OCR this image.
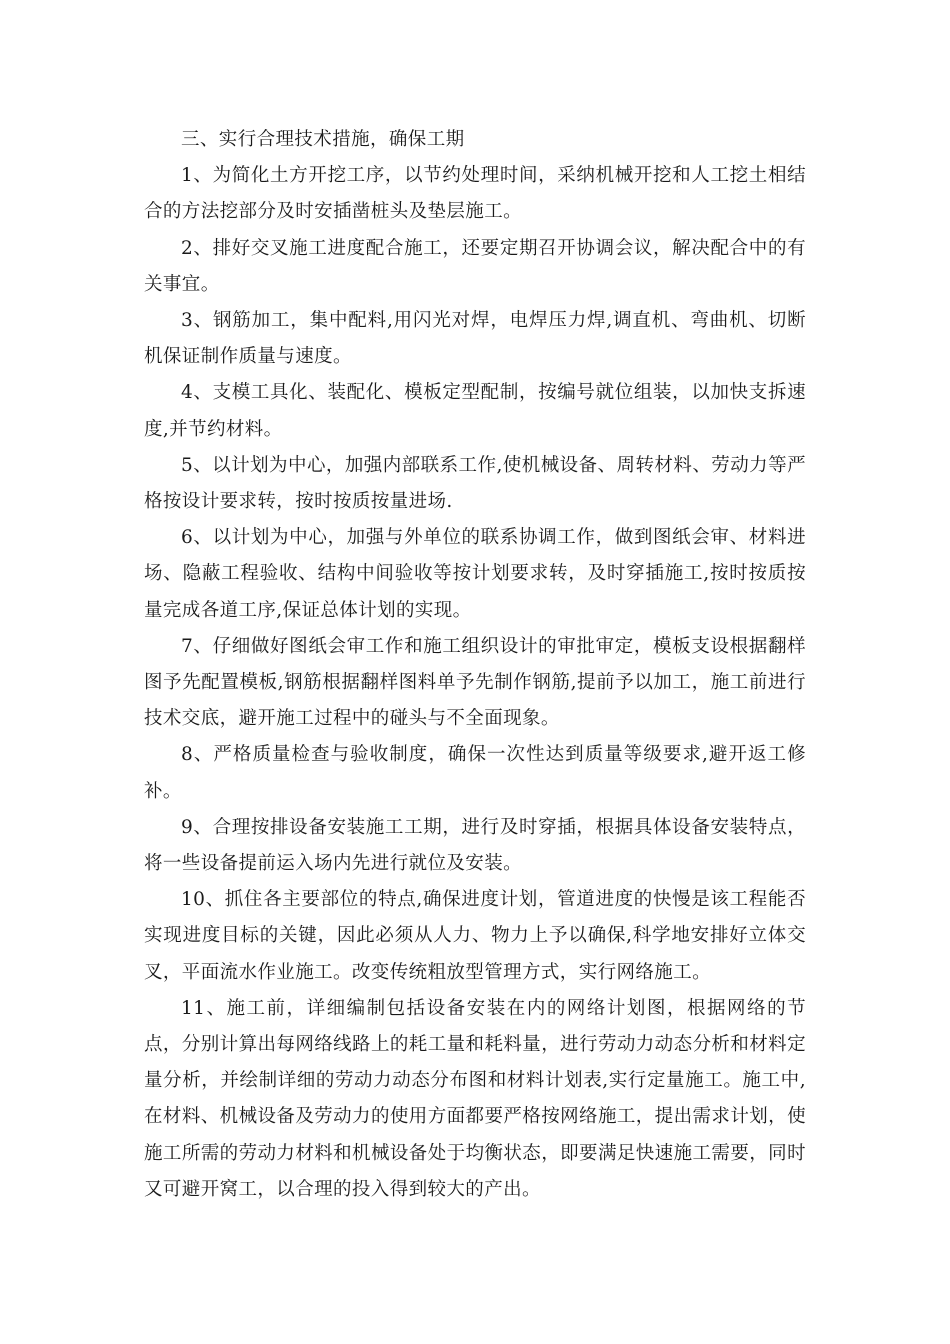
三、实行合理技术措施，确保工期

1、为简化土方开挖工序，以节约处理时间，采纳机械开挖和人工挖土相结合的方法挖部分及时安插凿桩头及垫层施工。

2、排好交叉施工进度配合施工，还要定期召开协调会议，解决配合中的有关事宜。

3、钢筋加工，集中配料,用闪光对焊，电焊压力焊,调直机、弯曲机、切断机保证制作质量与速度。

4、支模工具化、装配化、模板定型配制，按编号就位组装，以加快支拆速度,并节约材料。

5、以计划为中心，加强内部联系工作,使机械设备、周转材料、劳动力等严格按设计要求转，按时按质按量进场.

6、以计划为中心，加强与外单位的联系协调工作，做到图纸会审、材料进场、隐蔽工程验收、结构中间验收等按计划要求转，及时穿插施工,按时按质按量完成各道工序,保证总体计划的实现。

7、仔细做好图纸会审工作和施工组织设计的审批审定，模板支设根据翻样图予先配置模板,钢筋根据翻样图料单予先制作钢筋,提前予以加工，施工前进行技术交底，避开施工过程中的碰头与不全面现象。

8、严格质量检查与验收制度，确保一次性达到质量等级要求,避开返工修补。

9、合理按排设备安装施工工期，进行及时穿插，根据具体设备安装特点，将一些设备提前运入场内先进行就位及安装。

10、抓住各主要部位的特点,确保进度计划，管道进度的快慢是该工程能否实现进度目标的关键，因此必须从人力、物力上予以确保,科学地安排好立体交叉，平面流水作业施工。改变传统粗放型管理方式，实行网络施工。

11、施工前，详细编制包括设备安装在内的网络计划图，根据网络的节点，分别计算出每网络线路上的耗工量和耗料量，进行劳动力动态分析和材料定量分析，并绘制详细的劳动力动态分布图和材料计划表,实行定量施工。施工中,在材料、机械设备及劳动力的使用方面都要严格按网络施工，提出需求计划，使施工所需的劳动力材料和机械设备处于均衡状态，即要满足快速施工需要，同时又可避开窝工，以合理的投入得到较大的产出。
